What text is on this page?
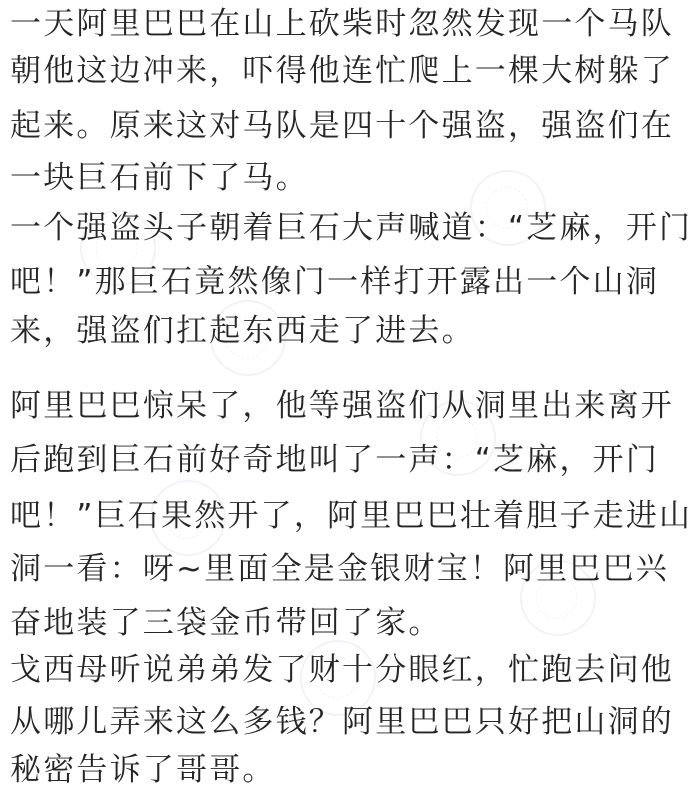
一天阿里巴巴在山上砍柴时忽然发现一个马队
朝他这边冲来，吓得他连忙爬上一棵大树躲了
起来。原来这对马队是四十个强盗，强盗们在
一块巨石前下了马。
一个强盗头子朝着巨石大声喊道：“芝麻，开门
吧！”那巨石竟然像门一样打开露出一个山洞
来，强盗们扛起东西走了进去。
阿里巴巴惊呆了，他等强盗们从洞里出来离开
后跑到巨石前好奇地叫了一声：“芝麻，开门
吧！”巨石果然开了，阿里巴巴壮着胆子走进山
洞一看：呀~里面全是金银财宝！阿里巴巴兴
奋地装了三袋金币带回了家。
戈西母听说弟弟发了财十分眼红，忙跑去问他
从哪儿弄来这么多钱？阿里巴巴只好把山洞的
秘密告诉了哥哥。
